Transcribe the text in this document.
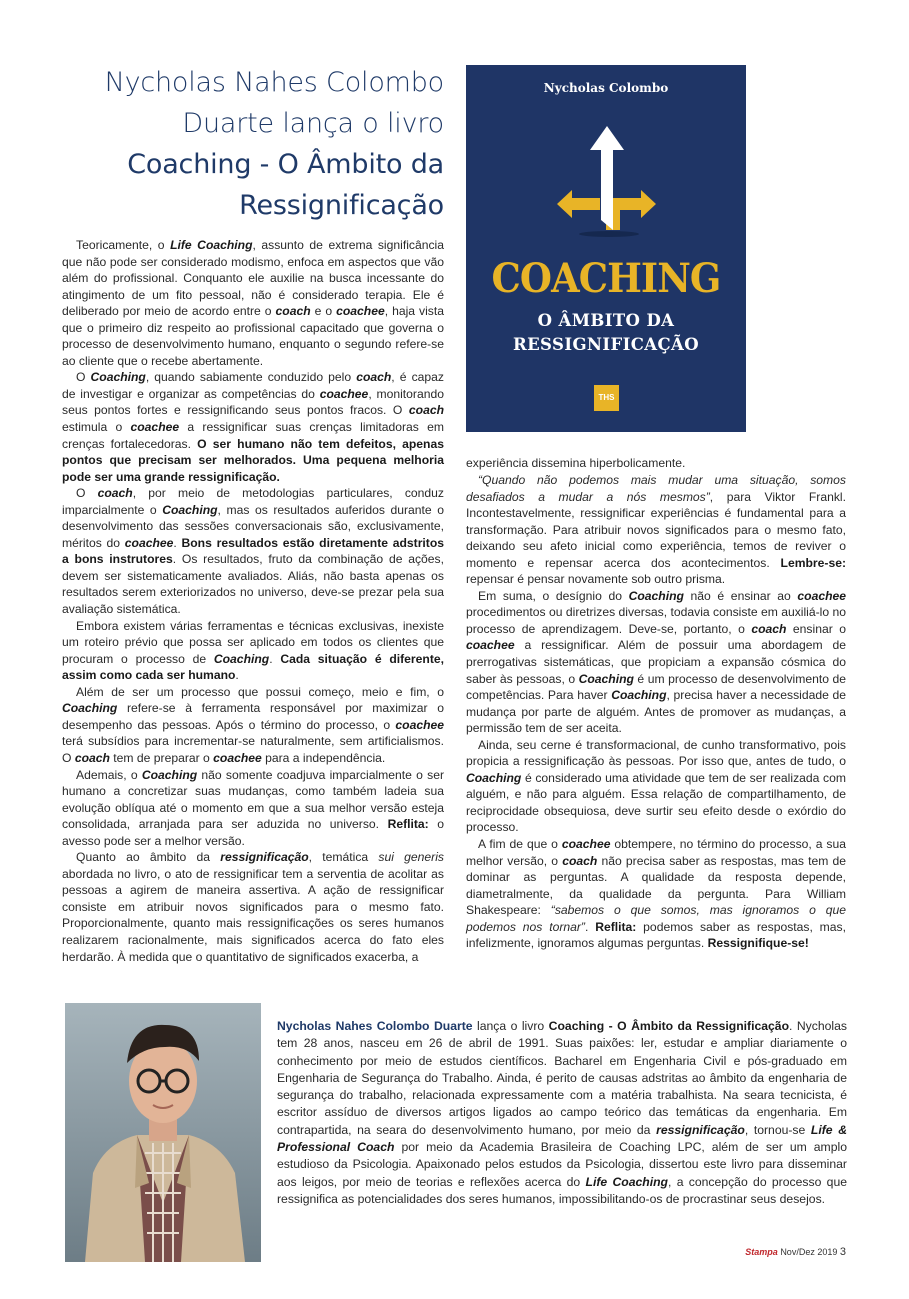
Nycholas Nahes Colombo
Duarte lança o livro
Coaching - O Âmbito da
Ressignificação
Nycholas Colombo
COACHING
O ÂMBITO DA
RESSIGNIFICAÇÃO
THS

Teoricamente, o Life Coaching, assunto de extrema significância que não pode ser considerado modismo, enfoca em aspectos que vão além do profissional. Conquanto ele auxilie na busca incessante do atingimento de um fito pessoal, não é considerado terapia. Ele é deliberado por meio de acordo entre o coach e o coachee, haja vista que o primeiro diz respeito ao profissional capacitado que governa o processo de desenvolvimento humano, enquanto o segundo refere-se ao cliente que o recebe abertamente.

O Coaching, quando sabiamente conduzido pelo coach, é capaz de investigar e organizar as competências do coachee, monitorando seus pontos fortes e ressignificando seus pontos fracos. O coach estimula o coachee a ressignificar suas crenças limitadoras em crenças fortalecedoras. O ser humano não tem defeitos, apenas pontos que precisam ser melhorados. Uma pequena melhoria pode ser uma grande ressignificação.

O coach, por meio de metodologias particulares, conduz imparcialmente o Coaching, mas os resultados auferidos durante o desenvolvimento das sessões conversacionais são, exclusivamente, méritos do coachee. Bons resultados estão diretamente adstritos a bons instrutores. Os resultados, fruto da combinação de ações, devem ser sistematicamente avaliados. Aliás, não basta apenas os resultados serem exteriorizados no universo, deve-se prezar pela sua avaliação sistemática.

Embora existem várias ferramentas e técnicas exclusivas, inexiste um roteiro prévio que possa ser aplicado em todos os clientes que procuram o processo de Coaching. Cada situação é diferente, assim como cada ser humano.

Além de ser um processo que possui começo, meio e fim, o Coaching refere-se à ferramenta responsável por maximizar o desempenho das pessoas. Após o término do processo, o coachee terá subsídios para incrementar-se naturalmente, sem artificialismos. O coach tem de preparar o coachee para a independência.

Ademais, o Coaching não somente coadjuva imparcialmente o ser humano a concretizar suas mudanças, como também ladeia sua evolução oblíqua até o momento em que a sua melhor versão esteja consolidada, arranjada para ser aduzida no universo. Reflita: o avesso pode ser a melhor versão.

Quanto ao âmbito da ressignificação, temática sui generis abordada no livro, o ato de ressignificar tem a serventia de acolitar as pessoas a agirem de maneira assertiva. A ação de ressignificar consiste em atribuir novos significados para o mesmo fato. Proporcionalmente, quanto mais ressignificações os seres humanos realizarem racionalmente, mais significados acerca do fato eles herdarão. À medida que o quantitativo de significados exacerba, a

experiência dissemina hiperbolicamente.

“Quando não podemos mais mudar uma situação, somos desafiados a mudar a nós mesmos”, para Viktor Frankl. Incontestavelmente, ressignificar experiências é fundamental para a transformação. Para atribuir novos significados para o mesmo fato, deixando seu afeto inicial como experiência, temos de reviver o momento e repensar acerca dos acontecimentos. Lembre-se: repensar é pensar novamente sob outro prisma.

Em suma, o desígnio do Coaching não é ensinar ao coachee procedimentos ou diretrizes diversas, todavia consiste em auxiliá-lo no processo de aprendizagem. Deve-se, portanto, o coach ensinar o coachee a ressignificar. Além de possuir uma abordagem de prerrogativas sistemáticas, que propiciam a expansão cósmica do saber às pessoas, o Coaching é um processo de desenvolvimento de competências. Para haver Coaching, precisa haver a necessidade de mudança por parte de alguém. Antes de promover as mudanças, a permissão tem de ser aceita.

Ainda, seu cerne é transformacional, de cunho transformativo, pois propicia a ressignificação às pessoas. Por isso que, antes de tudo, o Coaching é considerado uma atividade que tem de ser realizada com alguém, e não para alguém. Essa relação de compartilhamento, de reciprocidade obsequiosa, deve surtir seu efeito desde o exórdio do processo.

A fim de que o coachee obtempere, no término do processo, a sua melhor versão, o coach não precisa saber as respostas, mas tem de dominar as perguntas. A qualidade da resposta depende, diametralmente, da qualidade da pergunta. Para William Shakespeare: “sabemos o que somos, mas ignoramos o que podemos nos tornar”. Reflita: podemos saber as respostas, mas, infelizmente, ignoramos algumas perguntas. Ressignifique-se!

Nycholas Nahes Colombo Duarte lança o livro Coaching - O Âmbito da Ressignificação. Nycholas tem 28 anos, nasceu em 26 de abril de 1991. Suas paixões: ler, estudar e ampliar diariamente o conhecimento por meio de estudos científicos. Bacharel em Engenharia Civil e pós-graduado em Engenharia de Segurança do Trabalho. Ainda, é perito de causas adstritas ao âmbito da engenharia de segurança do trabalho, relacionada expressamente com a matéria trabalhista. Na seara tecnicista, é escritor assíduo de diversos artigos ligados ao campo teórico das temáticas da engenharia. Em contrapartida, na seara do desenvolvimento humano, por meio da ressignificação, tornou-se Life & Professional Coach por meio da Academia Brasileira de Coaching LPC, além de ser um amplo estudioso da Psicologia. Apaixonado pelos estudos da Psicologia, dissertou este livro para disseminar aos leigos, por meio de teorias e reflexões acerca do Life Coaching, a concepção do processo que ressignifica as potencialidades dos seres humanos, impossibilitando-os de procrastinar seus desejos.
Stampa Nov/Dez 2019 3
